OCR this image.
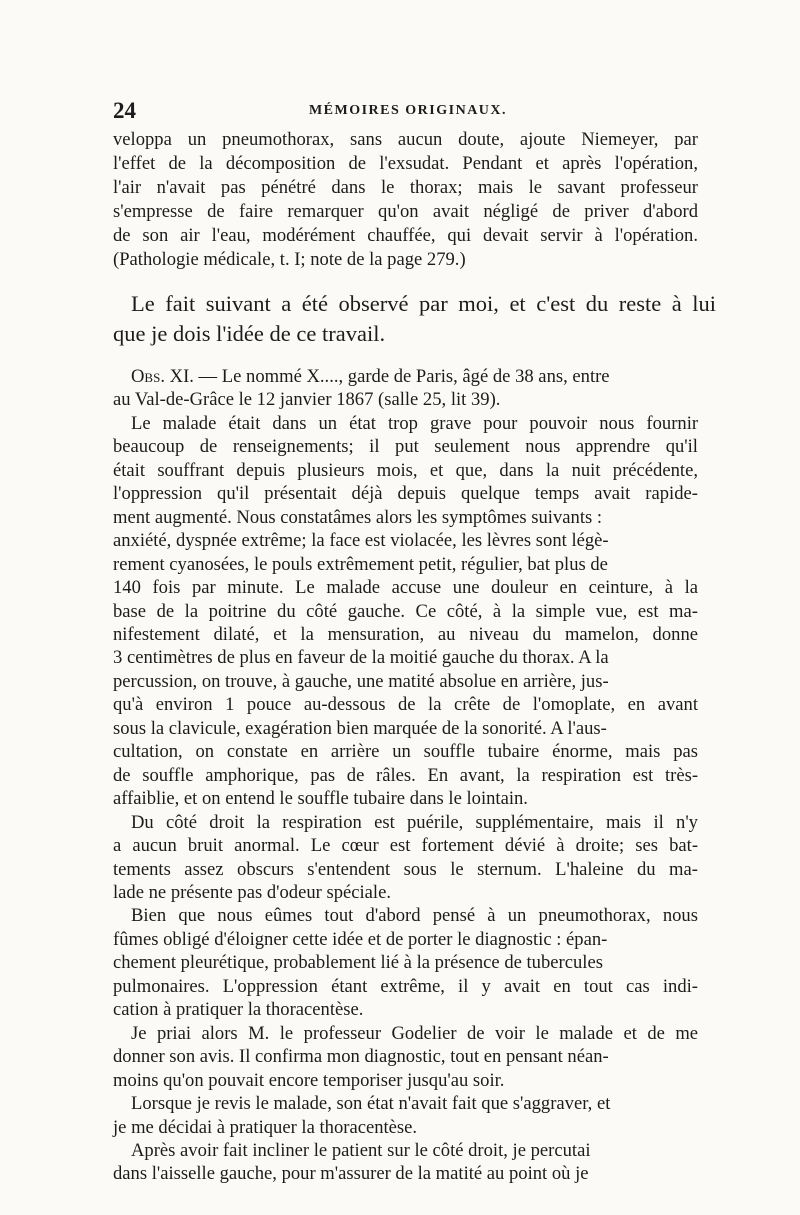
24	MÉMOIRES ORIGINAUX.
veloppa un pneumothorax, sans aucun doute, ajoute Niemeyer, par
l'effet de la décomposition de l'exsudat. Pendant et après l'opération,
l'air n'avait pas pénétré dans le thorax; mais le savant professeur
s'empresse de faire remarquer qu'on avait négligé de priver d'abord
de son air l'eau, modérément chauffée, qui devait servir à l'opération.
(Pathologie médicale, t. I; note de la page 279.)
Le fait suivant a été observé par moi, et c'est du reste à lui
que je dois l'idée de ce travail.
Obs. XI. — Le nommé X...., garde de Paris, âgé de 38 ans, entre
au Val-de-Grâce le 12 janvier 1867 (salle 25, lit 39).
Le malade était dans un état trop grave pour pouvoir nous fournir
beaucoup de renseignements; il put seulement nous apprendre qu'il
était souffrant depuis plusieurs mois, et que, dans la nuit précédente,
l'oppression qu'il présentait déjà depuis quelque temps avait rapide-
ment augmenté. Nous constatâmes alors les symptômes suivants :
anxiété, dyspnée extrême; la face est violacée, les lèvres sont légè-
rement cyanosées, le pouls extrêmement petit, régulier, bat plus de
140 fois par minute. Le malade accuse une douleur en ceinture, à la
base de la poitrine du côté gauche. Ce côté, à la simple vue, est ma-
nifestement dilaté, et la mensuration, au niveau du mamelon, donne
3 centimètres de plus en faveur de la moitié gauche du thorax. A la
percussion, on trouve, à gauche, une matité absolue en arrière, jus-
qu'à environ 1 pouce au-dessous de la crête de l'omoplate, en avant
sous la clavicule, exagération bien marquée de la sonorité. A l'aus-
cultation, on constate en arrière un souffle tubaire énorme, mais pas
de souffle amphorique, pas de râles. En avant, la respiration est très-
affaiblie, et on entend le souffle tubaire dans le lointain.
Du côté droit la respiration est puérile, supplémentaire, mais il n'y
a aucun bruit anormal. Le cœur est fortement dévié à droite; ses bat-
tements assez obscurs s'entendent sous le sternum. L'haleine du ma-
lade ne présente pas d'odeur spéciale.
Bien que nous eûmes tout d'abord pensé à un pneumothorax, nous
fûmes obligé d'éloigner cette idée et de porter le diagnostic : épan-
chement pleurétique, probablement lié à la présence de tubercules
pulmonaires. L'oppression étant extrême, il y avait en tout cas indi-
cation à pratiquer la thoracentèse.
Je priai alors M. le professeur Godelier de voir le malade et de me
donner son avis. Il confirma mon diagnostic, tout en pensant néan-
moins qu'on pouvait encore temporiser jusqu'au soir.
Lorsque je revis le malade, son état n'avait fait que s'aggraver, et
je me décidai à pratiquer la thoracentèse.
Après avoir fait incliner le patient sur le côté droit, je percutai
dans l'aisselle gauche, pour m'assurer de la matité au point où je
